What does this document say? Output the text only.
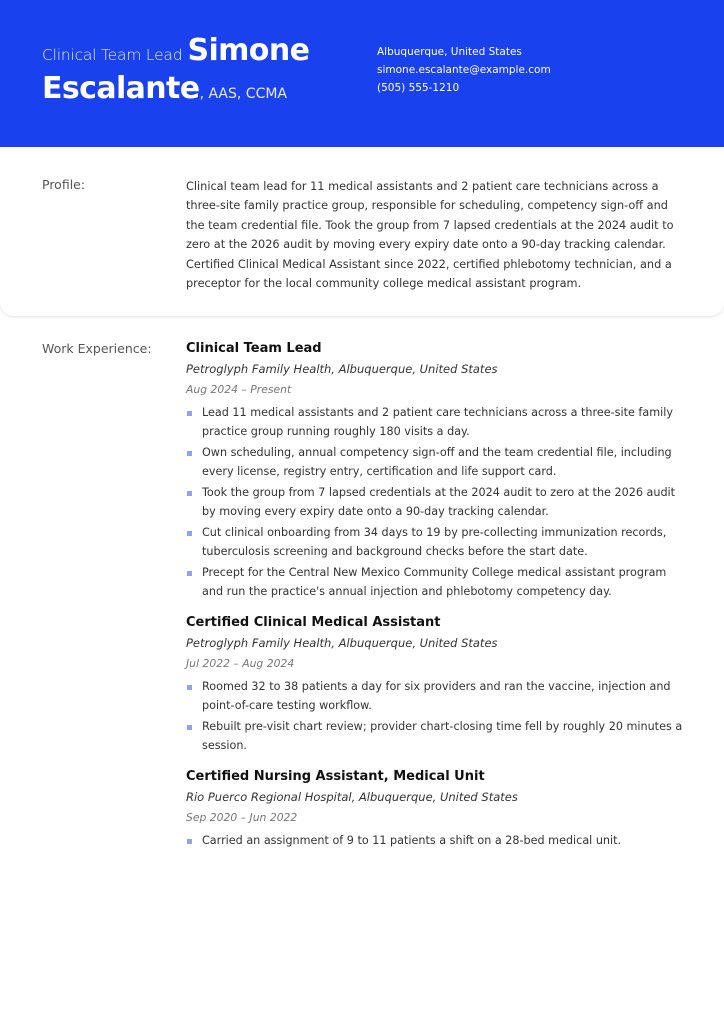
Clinical Team Lead Simone
Escalante, AAS, CCMA
Albuquerque, United States
simone.escalante@example.com
(505) 555-1210
Profile:	Clinical team lead for 11 medical assistants and 2 patient care technicians across a three-site family practice group, responsible for scheduling, competency sign-off and the team credential file. Took the group from 7 lapsed credentials at the 2024 audit to zero at the 2026 audit by moving every expiry date onto a 90-day tracking calendar. Certified Clinical Medical Assistant since 2022, certified phlebotomy technician, and a preceptor for the local community college medical assistant program.
Work Experience:	Clinical Team Lead
Petroglyph Family Health, Albuquerque, United States
Aug 2024 – Present
Lead 11 medical assistants and 2 patient care technicians across a three-site family practice group running roughly 180 visits a day.
Own scheduling, annual competency sign-off and the team credential file, including every license, registry entry, certification and life support card.
Took the group from 7 lapsed credentials at the 2024 audit to zero at the 2026 audit by moving every expiry date onto a 90-day tracking calendar.
Cut clinical onboarding from 34 days to 19 by pre-collecting immunization records, tuberculosis screening and background checks before the start date.
Precept for the Central New Mexico Community College medical assistant program and run the practice's annual injection and phlebotomy competency day.
Certified Clinical Medical Assistant
Petroglyph Family Health, Albuquerque, United States
Jul 2022 – Aug 2024
Roomed 32 to 38 patients a day for six providers and ran the vaccine, injection and point-of-care testing workflow.
Rebuilt pre-visit chart review; provider chart-closing time fell by roughly 20 minutes a session.
Certified Nursing Assistant, Medical Unit
Rio Puerco Regional Hospital, Albuquerque, United States
Sep 2020 – Jun 2022
Carried an assignment of 9 to 11 patients a shift on a 28-bed medical unit.
